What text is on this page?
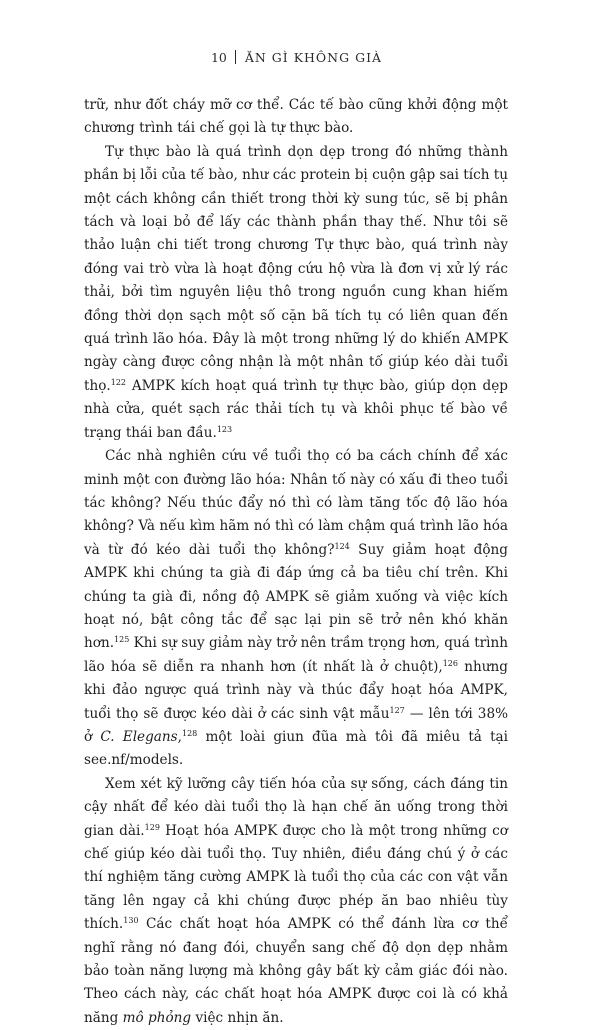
10 ĂN GÌ KHÔNG GIÀ

trữ, như đốt cháy mỡ cơ thể. Các tế bào cũng khởi động một chương trình tái chế gọi là tự thực bào.

Tự thực bào là quá trình dọn dẹp trong đó những thành phần bị lỗi của tế bào, như các protein bị cuộn gập sai tích tụ một cách không cần thiết trong thời kỳ sung túc, sẽ bị phân tách và loại bỏ để lấy các thành phần thay thế. Như tôi sẽ thảo luận chi tiết trong chương Tự thực bào, quá trình này đóng vai trò vừa là hoạt động cứu hộ vừa là đơn vị xử lý rác thải, bởi tìm nguyên liệu thô trong nguồn cung khan hiếm đồng thời dọn sạch một số cặn bã tích tụ có liên quan đến quá trình lão hóa. Đây là một trong những lý do khiến AMPK ngày càng được công nhận là một nhân tố giúp kéo dài tuổi thọ.$^{122}$ AMPK kích hoạt quá trình tự thực bào, giúp dọn dẹp nhà cửa, quét sạch rác thải tích tụ và khôi phục tế bào về trạng thái ban đầu.$^{123}$

Các nhà nghiên cứu về tuổi thọ có ba cách chính để xác minh một con đường lão hóa: Nhân tố này có xấu đi theo tuổi tác không? Nếu thúc đẩy nó thì có làm tăng tốc độ lão hóa không? Và nếu kìm hãm nó thì có làm chậm quá trình lão hóa và từ đó kéo dài tuổi thọ không?$^{124}$ Suy giảm hoạt động AMPK khi chúng ta già đi đáp ứng cả ba tiêu chí trên. Khi chúng ta già đi, nồng độ AMPK sẽ giảm xuống và việc kích hoạt nó, bật công tắc để sạc lại pin sẽ trở nên khó khăn hơn.$^{125}$ Khi sự suy giảm này trở nên trầm trọng hơn, quá trình lão hóa sẽ diễn ra nhanh hơn (ít nhất là ở chuột),$^{126}$ nhưng khi đảo ngược quá trình này và thúc đẩy hoạt hóa AMPK, tuổi thọ sẽ được kéo dài ở các sinh vật mẫu$^{127}$ — lên tới 38% ở C. Elegans,$^{128}$ một loài giun đũa mà tôi đã miêu tả tại see.nf/models.

Xem xét kỹ lưỡng cây tiến hóa của sự sống, cách đáng tin cậy nhất để kéo dài tuổi thọ là hạn chế ăn uống trong thời gian dài.$^{129}$ Hoạt hóa AMPK được cho là một trong những cơ chế giúp kéo dài tuổi thọ. Tuy nhiên, điều đáng chú ý ở các thí nghiệm tăng cường AMPK là tuổi thọ của các con vật vẫn tăng lên ngay cả khi chúng được phép ăn bao nhiêu tùy thích.$^{130}$ Các chất hoạt hóa AMPK có thể đánh lừa cơ thể nghĩ rằng nó đang đói, chuyển sang chế độ dọn dẹp nhằm bảo toàn năng lượng mà không gây bất kỳ cảm giác đói nào. Theo cách này, các chất hoạt hóa AMPK được coi là có khả năng mô phỏng việc nhịn ăn.
